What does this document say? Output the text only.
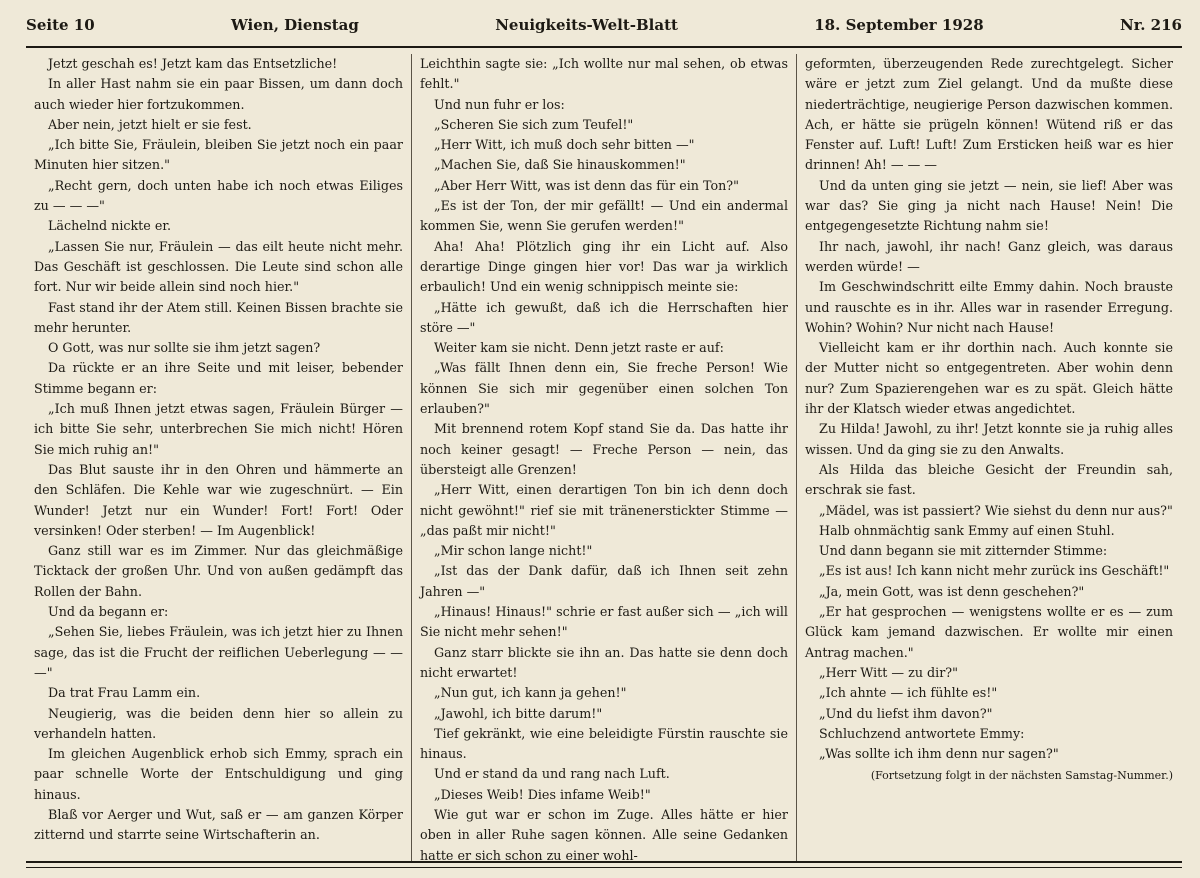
Seite 10	Wien, Dienstag	Neuigkeits-Welt-Blatt	18. September 1928	Nr. 216

Jetzt geschah es! Jetzt kam das Entsetzliche!

In aller Hast nahm sie ein paar Bissen, um dann doch auch wieder hier fortzukommen.

Aber nein, jetzt hielt er sie fest.

„Ich bitte Sie, Fräulein, bleiben Sie jetzt noch ein paar Minuten hier sitzen."

„Recht gern, doch unten habe ich noch etwas Eiliges zu — — —"

Lächelnd nickte er.

„Lassen Sie nur, Fräulein — das eilt heute nicht mehr. Das Geschäft ist geschlossen. Die Leute sind schon alle fort. Nur wir beide allein sind noch hier."

Fast stand ihr der Atem still. Keinen Bissen brachte sie mehr herunter.

O Gott, was nur sollte sie ihm jetzt sagen?

Da rückte er an ihre Seite und mit leiser, bebender Stimme begann er:

„Ich muß Ihnen jetzt etwas sagen, Fräulein Bürger — ich bitte Sie sehr, unterbrechen Sie mich nicht! Hören Sie mich ruhig an!"

Das Blut sauste ihr in den Ohren und hämmerte an den Schläfen. Die Kehle war wie zugeschnürt. — Ein Wunder! Jetzt nur ein Wunder! Fort! Fort! Oder versinken! Oder sterben! — Im Augenblick!

Ganz still war es im Zimmer. Nur das gleichmäßige Ticktack der großen Uhr. Und von außen gedämpft das Rollen der Bahn.

Und da begann er:

„Sehen Sie, liebes Fräulein, was ich jetzt hier zu Ihnen sage, das ist die Frucht der reiflichen Ueberlegung — — —"

Da trat Frau Lamm ein.

Neugierig, was die beiden denn hier so allein zu verhandeln hatten.

Im gleichen Augenblick erhob sich Emmy, sprach ein paar schnelle Worte der Entschuldigung und ging hinaus.

Blaß vor Aerger und Wut, saß er — am ganzen Körper zitternd und starrte seine Wirtschafterin an.

Leichthin sagte sie: „Ich wollte nur mal sehen, ob etwas fehlt."

Und nun fuhr er los:

„Scheren Sie sich zum Teufel!"

„Herr Witt, ich muß doch sehr bitten —"

„Machen Sie, daß Sie hinauskommen!"

„Aber Herr Witt, was ist denn das für ein Ton?"

„Es ist der Ton, der mir gefällt! — Und ein andermal kommen Sie, wenn Sie gerufen werden!"

Aha! Aha! Plötzlich ging ihr ein Licht auf. Also derartige Dinge gingen hier vor! Das war ja wirklich erbaulich! Und ein wenig schnippisch meinte sie:

„Hätte ich gewußt, daß ich die Herrschaften hier störe —"

Weiter kam sie nicht. Denn jetzt raste er auf:

„Was fällt Ihnen denn ein, Sie freche Person! Wie können Sie sich mir gegenüber einen solchen Ton erlauben?"

Mit brennend rotem Kopf stand Sie da. Das hatte ihr noch keiner gesagt! — Freche Person — nein, das übersteigt alle Grenzen!

„Herr Witt, einen derartigen Ton bin ich denn doch nicht gewöhnt!" rief sie mit tränenerstickter Stimme — „das paßt mir nicht!"

„Mir schon lange nicht!"

„Ist das der Dank dafür, daß ich Ihnen seit zehn Jahren —"

„Hinaus! Hinaus!" schrie er fast außer sich — „ich will Sie nicht mehr sehen!"

Ganz starr blickte sie ihn an. Das hatte sie denn doch nicht erwartet!

„Nun gut, ich kann ja gehen!"

„Jawohl, ich bitte darum!"

Tief gekränkt, wie eine beleidigte Fürstin rauschte sie hinaus.

Und er stand da und rang nach Luft.

„Dieses Weib! Dies infame Weib!"

Wie gut war er schon im Zuge. Alles hätte er hier oben in aller Ruhe sagen können. Alle seine Gedanken hatte er sich schon zu einer wohl-

geformten, überzeugenden Rede zurechtgelegt. Sicher wäre er jetzt zum Ziel gelangt. Und da mußte diese niederträchtige, neugierige Person dazwischen kommen. Ach, er hätte sie prügeln können! Wütend riß er das Fenster auf. Luft! Luft! Zum Ersticken heiß war es hier drinnen! Ah! — — —

Und da unten ging sie jetzt — nein, sie lief! Aber was war das? Sie ging ja nicht nach Hause! Nein! Die entgegengesetzte Richtung nahm sie!

Ihr nach, jawohl, ihr nach! Ganz gleich, was daraus werden würde! —

Im Geschwindschritt eilte Emmy dahin. Noch brauste und rauschte es in ihr. Alles war in rasender Erregung. Wohin? Wohin? Nur nicht nach Hause!

Vielleicht kam er ihr dorthin nach. Auch konnte sie der Mutter nicht so entgegentreten. Aber wohin denn nur? Zum Spazierengehen war es zu spät. Gleich hätte ihr der Klatsch wieder etwas angedichtet.

Zu Hilda! Jawohl, zu ihr! Jetzt konnte sie ja ruhig alles wissen. Und da ging sie zu den Anwalts.

Als Hilda das bleiche Gesicht der Freundin sah, erschrak sie fast.

„Mädel, was ist passiert? Wie siehst du denn nur aus?"

Halb ohnmächtig sank Emmy auf einen Stuhl.

Und dann begann sie mit zitternder Stimme:

„Es ist aus! Ich kann nicht mehr zurück ins Geschäft!"

„Ja, mein Gott, was ist denn geschehen?"

„Er hat gesprochen — wenigstens wollte er es — zum Glück kam jemand dazwischen. Er wollte mir einen Antrag machen."

„Herr Witt — zu dir?"

„Ich ahnte — ich fühlte es!"

„Und du liefst ihm davon?"

Schluchzend antwortete Emmy:

„Was sollte ich ihm denn nur sagen?"

(Fortsetzung folgt in der nächsten Samstag-Nummer.)
